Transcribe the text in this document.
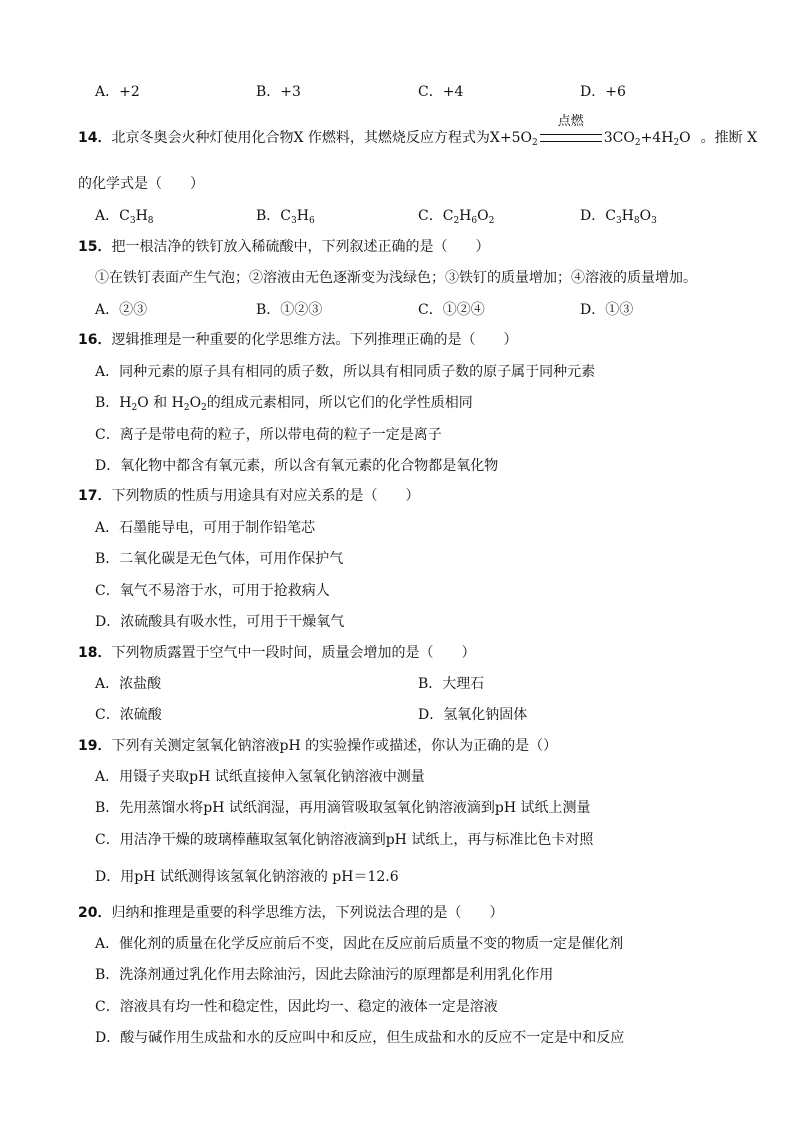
A．+2	B．+3	C．+4	D．+6
14．北京冬奥会火种灯使用化合物X 作燃料，其燃烧反应方程式为$X+5O_2$
点燃
$3CO_2+4H_2O$ 。推断 X
的化学式是（　　）
A．$C_3H_8$	B．$C_3H_6$	C．$C_2H_6O_2$	D．$C_3H_8O_3$
15．把一根洁净的铁钉放入稀硫酸中，下列叙述正确的是（　　）
①在铁钉表面产生气泡；②溶液由无色逐渐变为浅绿色；③铁钉的质量增加；④溶液的质量增加。
A．②③	B．①②③	C．①②④	D．①③
16．逻辑推理是一种重要的化学思维方法。下列推理正确的是（　　）
A．同种元素的原子具有相同的质子数，所以具有相同质子数的原子属于同种元素
B．$H_2O$ 和 $H_2O_2$的组成元素相同，所以它们的化学性质相同
C．离子是带电荷的粒子，所以带电荷的粒子一定是离子
D．氧化物中都含有氧元素，所以含有氧元素的化合物都是氧化物
17．下列物质的性质与用途具有对应关系的是（　　）
A．石墨能导电，可用于制作铅笔芯
B．二氧化碳是无色气体，可用作保护气
C．氧气不易溶于水，可用于抢救病人
D．浓硫酸具有吸水性，可用于干燥氧气
18．下列物质露置于空气中一段时间，质量会增加的是（　　）
A．浓盐酸	B．大理石
C．浓硫酸	D．氢氧化钠固体
19．下列有关测定氢氧化钠溶液pH 的实验操作或描述，你认为正确的是（）
A．用镊子夹取pH 试纸直接伸入氢氧化钠溶液中测量
B．先用蒸馏水将pH 试纸润湿，再用滴管吸取氢氧化钠溶液滴到pH 试纸上测量
C．用洁净干燥的玻璃棒蘸取氢氧化钠溶液滴到pH 试纸上，再与标准比色卡对照
D．用pH 试纸测得该氢氧化钠溶液的 pH＝12.6
20．归纳和推理是重要的科学思维方法，下列说法合理的是（　　）
A．催化剂的质量在化学反应前后不变，因此在反应前后质量不变的物质一定是催化剂
B．洗涤剂通过乳化作用去除油污，因此去除油污的原理都是利用乳化作用
C．溶液具有均一性和稳定性，因此均一、稳定的液体一定是溶液
D．酸与碱作用生成盐和水的反应叫中和反应，但生成盐和水的反应不一定是中和反应
